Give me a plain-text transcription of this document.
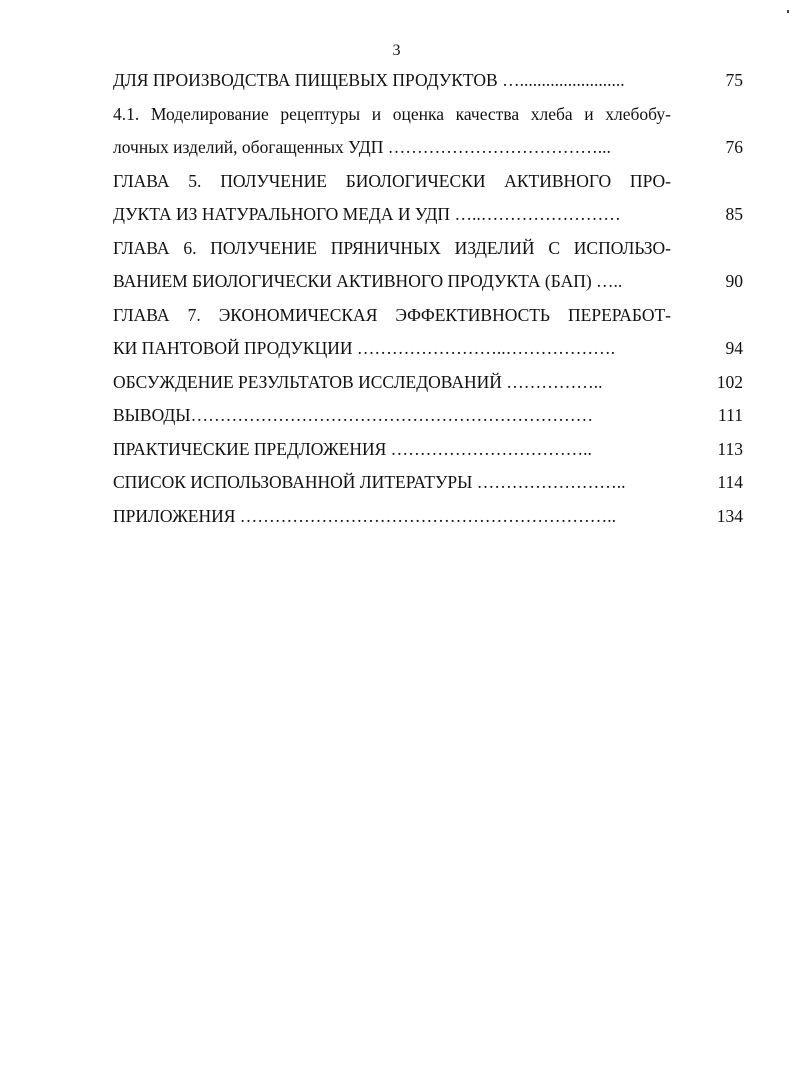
3
ДЛЯ ПРОИЗВОДСТВА ПИЩЕВЫХ ПРОДУКТОВ …........................	75
4.1. Моделирование рецептуры и оценка качества хлеба и хлебобу-
лочных изделий, обогащенных УДП ………………………………...	76
ГЛАВА 5. ПОЛУЧЕНИЕ БИОЛОГИЧЕСКИ АКТИВНОГО ПРО-
ДУКТА ИЗ НАТУРАЛЬНОГО МЕДА И УДП …..……………………	85
ГЛАВА 6. ПОЛУЧЕНИЕ ПРЯНИЧНЫХ ИЗДЕЛИЙ С ИСПОЛЬЗО-
ВАНИЕМ БИОЛОГИЧЕСКИ АКТИВНОГО ПРОДУКТА (БАП) …..	90
ГЛАВА 7. ЭКОНОМИЧЕСКАЯ ЭФФЕКТИВНОСТЬ ПЕРЕРАБОТ-
КИ ПАНТОВОЙ ПРОДУКЦИИ ……………………..……………….	94
ОБСУЖДЕНИЕ РЕЗУЛЬТАТОВ ИССЛЕДОВАНИЙ ……………..	102
ВЫВОДЫ……………………………………………………………	111
ПРАКТИЧЕСКИЕ ПРЕДЛОЖЕНИЯ ……………………………..	113
СПИСОК ИСПОЛЬЗОВАННОЙ ЛИТЕРАТУРЫ ……………………..	114
ПРИЛОЖЕНИЯ ………………………………………………………..	134
